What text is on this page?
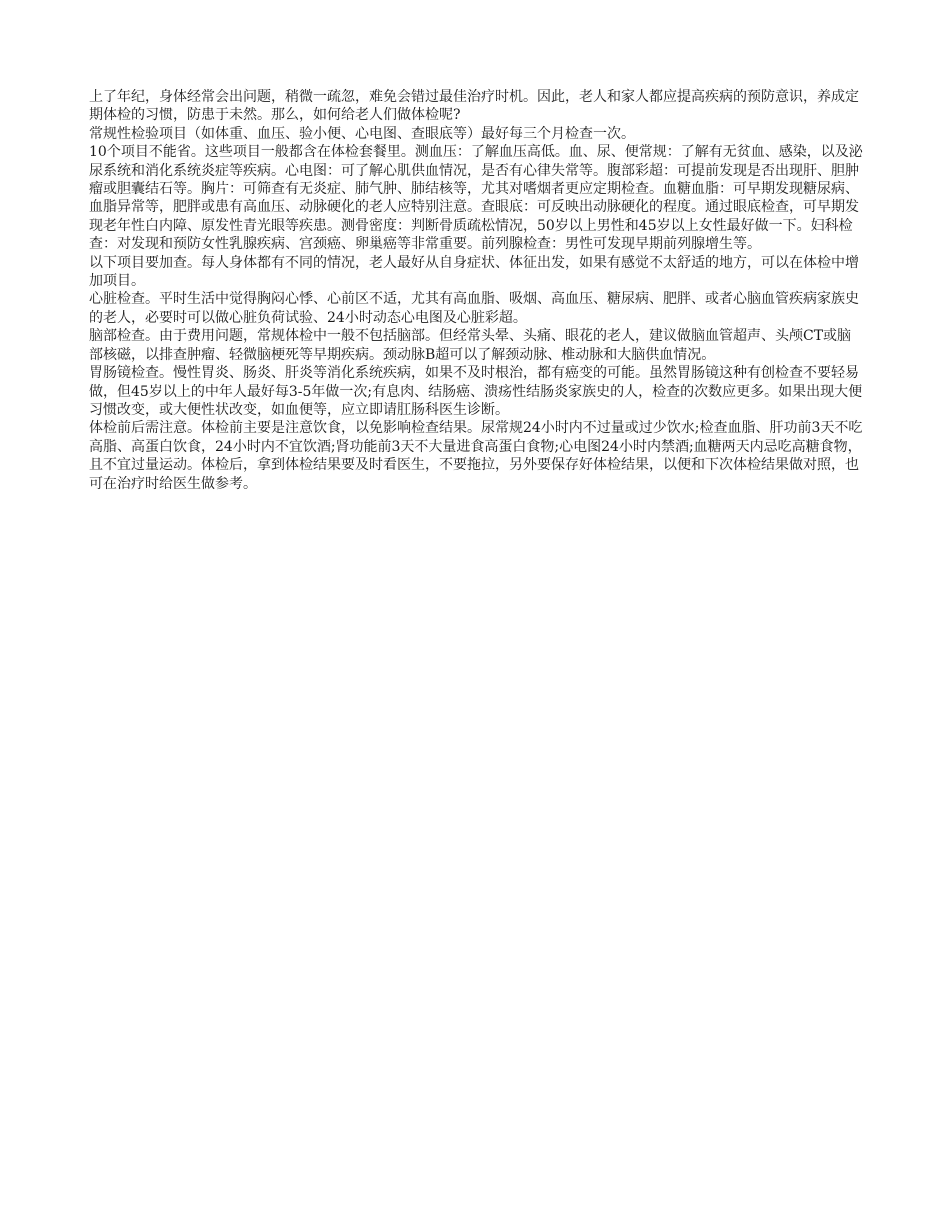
上了年纪，身体经常会出问题，稍微一疏忽，难免会错过最佳治疗时机。因此，老人和家人都应提高疾病的预防意识，养成定期体检的习惯，防患于未然。那么，如何给老人们做体检呢?

常规性检验项目（如体重、血压、验小便、心电图、查眼底等）最好每三个月检查一次。

10个项目不能省。这些项目一般都含在体检套餐里。测血压：了解血压高低。血、尿、便常规：了解有无贫血、感染，以及泌尿系统和消化系统炎症等疾病。心电图：可了解心肌供血情况，是否有心律失常等。腹部彩超：可提前发现是否出现肝、胆肿瘤或胆囊结石等。胸片：可筛查有无炎症、肺气肿、肺结核等，尤其对嗜烟者更应定期检查。血糖血脂：可早期发现糖尿病、血脂异常等，肥胖或患有高血压、动脉硬化的老人应特别注意。查眼底：可反映出动脉硬化的程度。通过眼底检查，可早期发现老年性白内障、原发性青光眼等疾患。测骨密度：判断骨质疏松情况，50岁以上男性和45岁以上女性最好做一下。妇科检查：对发现和预防女性乳腺疾病、宫颈癌、卵巢癌等非常重要。前列腺检查：男性可发现早期前列腺增生等。

以下项目要加查。每人身体都有不同的情况，老人最好从自身症状、体征出发，如果有感觉不太舒适的地方，可以在体检中增加项目。

心脏检查。平时生活中觉得胸闷心悸、心前区不适，尤其有高血脂、吸烟、高血压、糖尿病、肥胖、或者心脑血管疾病家族史的老人，必要时可以做心脏负荷试验、24小时动态心电图及心脏彩超。

脑部检查。由于费用问题，常规体检中一般不包括脑部。但经常头晕、头痛、眼花的老人，建议做脑血管超声、头颅CT或脑部核磁，以排查肿瘤、轻微脑梗死等早期疾病。颈动脉B超可以了解颈动脉、椎动脉和大脑供血情况。

胃肠镜检查。慢性胃炎、肠炎、肝炎等消化系统疾病，如果不及时根治，都有癌变的可能。虽然胃肠镜这种有创检查不要轻易做，但45岁以上的中年人最好每3-5年做一次;有息肉、结肠癌、溃疡性结肠炎家族史的人，检查的次数应更多。如果出现大便习惯改变，或大便性状改变，如血便等，应立即请肛肠科医生诊断。

体检前后需注意。体检前主要是注意饮食，以免影响检查结果。尿常规24小时内不过量或过少饮水;检查血脂、肝功前3天不吃高脂、高蛋白饮食，24小时内不宜饮酒;肾功能前3天不大量进食高蛋白食物;心电图24小时内禁酒;血糖两天内忌吃高糖食物，且不宜过量运动。体检后，拿到体检结果要及时看医生，不要拖拉，另外要保存好体检结果，以便和下次体检结果做对照，也可在治疗时给医生做参考。
